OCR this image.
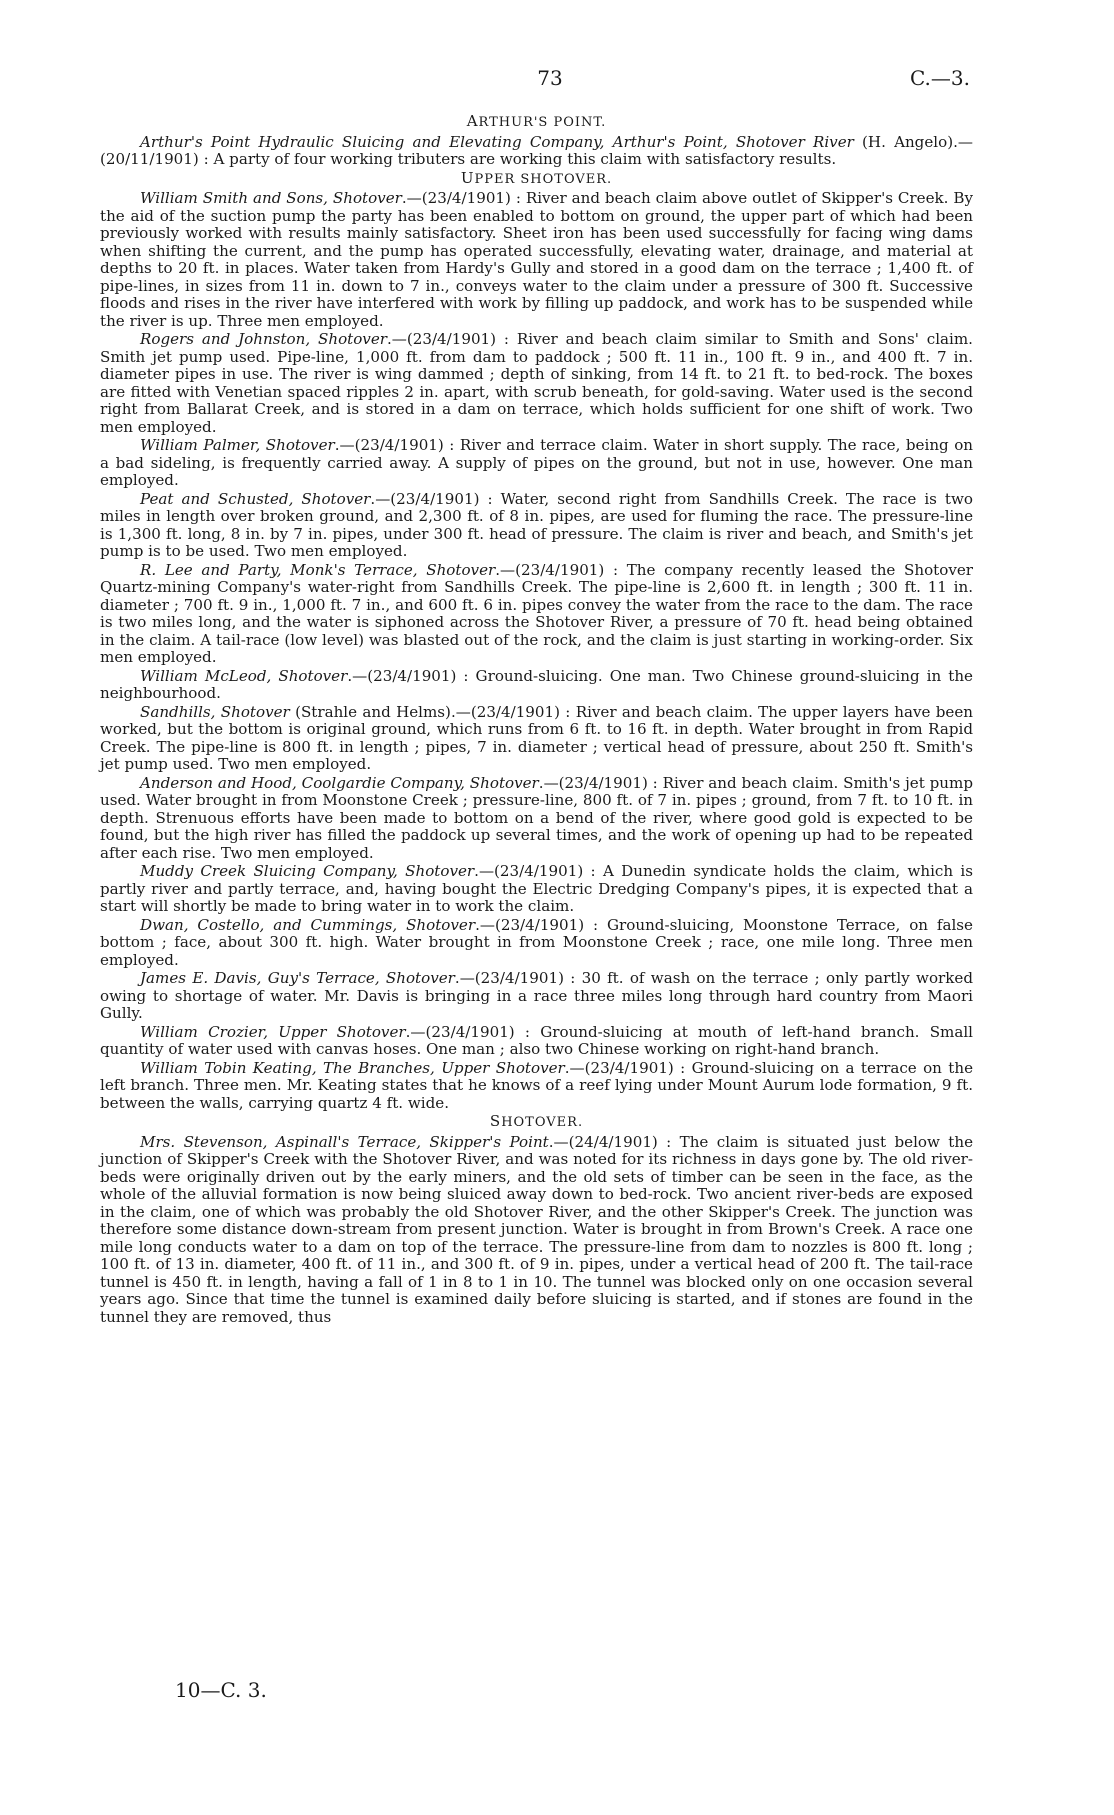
73	C.—3.
ARTHUR'S POINT.

Arthur's Point Hydraulic Sluicing and Elevating Company, Arthur's Point, Shotover River (H. Angelo).—(20/11/1901) : A party of four working tributers are working this claim with satisfactory results.

UPPER SHOTOVER.

William Smith and Sons, Shotover.—(23/4/1901) : River and beach claim above outlet of Skipper's Creek. By the aid of the suction pump the party has been enabled to bottom on ground, the upper part of which had been previously worked with results mainly satisfactory. Sheet iron has been used successfully for facing wing dams when shifting the current, and the pump has operated successfully, elevating water, drainage, and material at depths to 20 ft. in places. Water taken from Hardy's Gully and stored in a good dam on the terrace ; 1,400 ft. of pipe-lines, in sizes from 11 in. down to 7 in., conveys water to the claim under a pressure of 300 ft. Successive floods and rises in the river have interfered with work by filling up paddock, and work has to be suspended while the river is up. Three men employed.

Rogers and Johnston, Shotover.—(23/4/1901) : River and beach claim similar to Smith and Sons' claim. Smith jet pump used. Pipe-line, 1,000 ft. from dam to paddock ; 500 ft. 11 in., 100 ft. 9 in., and 400 ft. 7 in. diameter pipes in use. The river is wing dammed ; depth of sinking, from 14 ft. to 21 ft. to bed-rock. The boxes are fitted with Venetian spaced ripples 2 in. apart, with scrub beneath, for gold-saving. Water used is the second right from Ballarat Creek, and is stored in a dam on terrace, which holds sufficient for one shift of work. Two men employed.

William Palmer, Shotover.—(23/4/1901) : River and terrace claim. Water in short supply. The race, being on a bad sideling, is frequently carried away. A supply of pipes on the ground, but not in use, however. One man employed.

Peat and Schusted, Shotover.—(23/4/1901) : Water, second right from Sandhills Creek. The race is two miles in length over broken ground, and 2,300 ft. of 8 in. pipes, are used for fluming the race. The pressure-line is 1,300 ft. long, 8 in. by 7 in. pipes, under 300 ft. head of pressure. The claim is river and beach, and Smith's jet pump is to be used. Two men employed.

R. Lee and Party, Monk's Terrace, Shotover.—(23/4/1901) : The company recently leased the Shotover Quartz-mining Company's water-right from Sandhills Creek. The pipe-line is 2,600 ft. in length ; 300 ft. 11 in. diameter ; 700 ft. 9 in., 1,000 ft. 7 in., and 600 ft. 6 in. pipes convey the water from the race to the dam. The race is two miles long, and the water is siphoned across the Shotover River, a pressure of 70 ft. head being obtained in the claim. A tail-race (low level) was blasted out of the rock, and the claim is just starting in working-order. Six men employed.

William McLeod, Shotover.—(23/4/1901) : Ground-sluicing. One man. Two Chinese ground-sluicing in the neighbourhood.

Sandhills, Shotover (Strahle and Helms).—(23/4/1901) : River and beach claim. The upper layers have been worked, but the bottom is original ground, which runs from 6 ft. to 16 ft. in depth. Water brought in from Rapid Creek. The pipe-line is 800 ft. in length ; pipes, 7 in. diameter ; vertical head of pressure, about 250 ft. Smith's jet pump used. Two men employed.

Anderson and Hood, Coolgardie Company, Shotover.—(23/4/1901) : River and beach claim. Smith's jet pump used. Water brought in from Moonstone Creek ; pressure-line, 800 ft. of 7 in. pipes ; ground, from 7 ft. to 10 ft. in depth. Strenuous efforts have been made to bottom on a bend of the river, where good gold is expected to be found, but the high river has filled the paddock up several times, and the work of opening up had to be repeated after each rise. Two men employed.

Muddy Creek Sluicing Company, Shotover.—(23/4/1901) : A Dunedin syndicate holds the claim, which is partly river and partly terrace, and, having bought the Electric Dredging Company's pipes, it is expected that a start will shortly be made to bring water in to work the claim.

Dwan, Costello, and Cummings, Shotover.—(23/4/1901) : Ground-sluicing, Moonstone Terrace, on false bottom ; face, about 300 ft. high. Water brought in from Moonstone Creek ; race, one mile long. Three men employed.

James E. Davis, Guy's Terrace, Shotover.—(23/4/1901) : 30 ft. of wash on the terrace ; only partly worked owing to shortage of water. Mr. Davis is bringing in a race three miles long through hard country from Maori Gully.

William Crozier, Upper Shotover.—(23/4/1901) : Ground-sluicing at mouth of left-hand branch. Small quantity of water used with canvas hoses. One man ; also two Chinese working on right-hand branch.

William Tobin Keating, The Branches, Upper Shotover.—(23/4/1901) : Ground-sluicing on a terrace on the left branch. Three men. Mr. Keating states that he knows of a reef lying under Mount Aurum lode formation, 9 ft. between the walls, carrying quartz 4 ft. wide.

SHOTOVER.

Mrs. Stevenson, Aspinall's Terrace, Skipper's Point.—(24/4/1901) : The claim is situated just below the junction of Skipper's Creek with the Shotover River, and was noted for its richness in days gone by. The old river-beds were originally driven out by the early miners, and the old sets of timber can be seen in the face, as the whole of the alluvial formation is now being sluiced away down to bed-rock. Two ancient river-beds are exposed in the claim, one of which was probably the old Shotover River, and the other Skipper's Creek. The junction was therefore some distance down-stream from present junction. Water is brought in from Brown's Creek. A race one mile long conducts water to a dam on top of the terrace. The pressure-line from dam to nozzles is 800 ft. long ; 100 ft. of 13 in. diameter, 400 ft. of 11 in., and 300 ft. of 9 in. pipes, under a vertical head of 200 ft. The tail-race tunnel is 450 ft. in length, having a fall of 1 in 8 to 1 in 10. The tunnel was blocked only on one occasion several years ago. Since that time the tunnel is examined daily before sluicing is started, and if stones are found in the tunnel they are removed, thus

10—C. 3.
